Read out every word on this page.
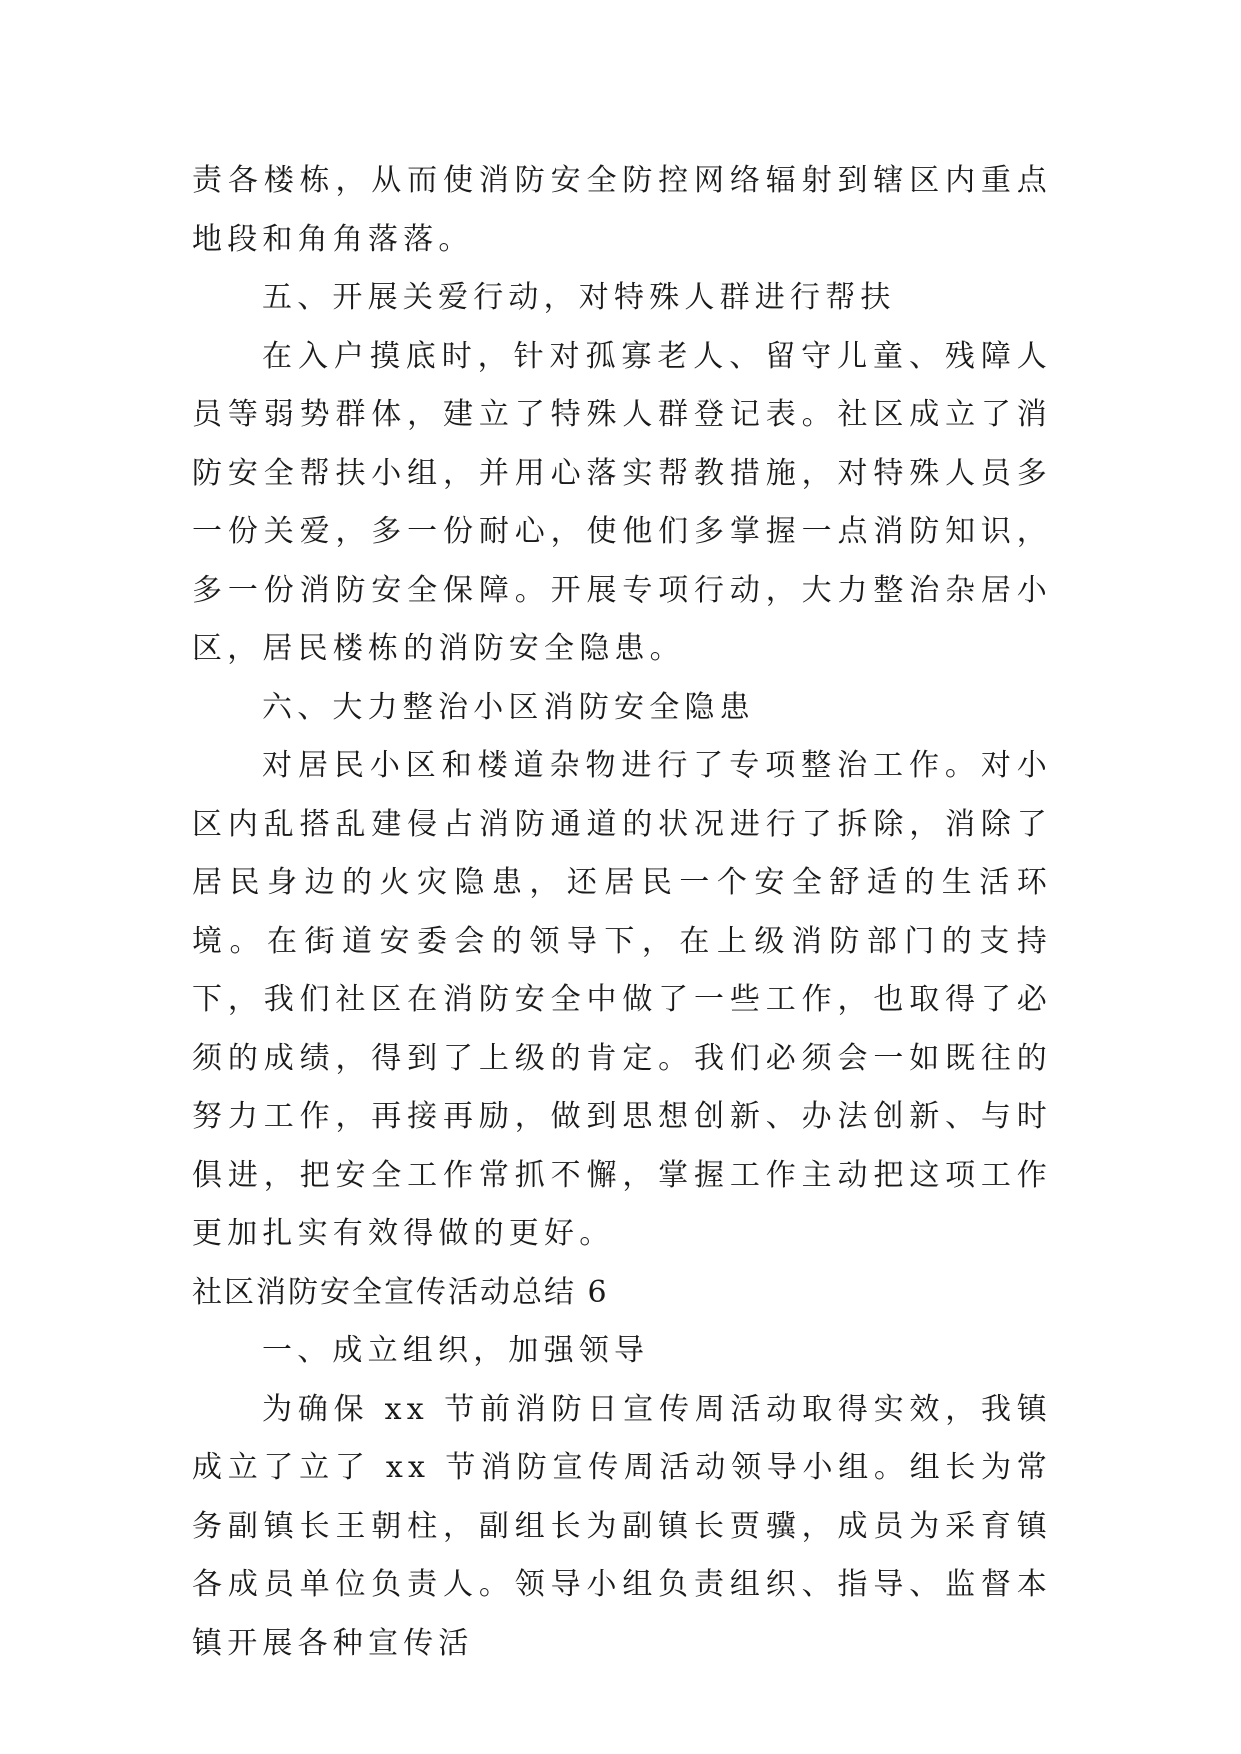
责各楼栋，从而使消防安全防控网络辐射到辖区内重点地段和角角落落。

五、开展关爱行动，对特殊人群进行帮扶

在入户摸底时，针对孤寡老人、留守儿童、残障人员等弱势群体，建立了特殊人群登记表。社区成立了消防安全帮扶小组，并用心落实帮教措施，对特殊人员多一份关爱，多一份耐心，使他们多掌握一点消防知识，多一份消防安全保障。开展专项行动，大力整治杂居小区，居民楼栋的消防安全隐患。

六、大力整治小区消防安全隐患

对居民小区和楼道杂物进行了专项整治工作。对小区内乱搭乱建侵占消防通道的状况进行了拆除，消除了居民身边的火灾隐患，还居民一个安全舒适的生活环境。在街道安委会的领导下，在上级消防部门的支持下，我们社区在消防安全中做了一些工作，也取得了必须的成绩，得到了上级的肯定。我们必须会一如既往的努力工作，再接再励，做到思想创新、办法创新、与时俱进，把安全工作常抓不懈，掌握工作主动把这项工作更加扎实有效得做的更好。

社区消防安全宣传活动总结 6

一、成立组织，加强领导

为确保 xx 节前消防日宣传周活动取得实效，我镇成立了立了 xx 节消防宣传周活动领导小组。组长为常务副镇长王朝柱，副组长为副镇长贾骥，成员为采育镇各成员单位负责人。领导小组负责组织、指导、监督本镇开展各种宣传活
